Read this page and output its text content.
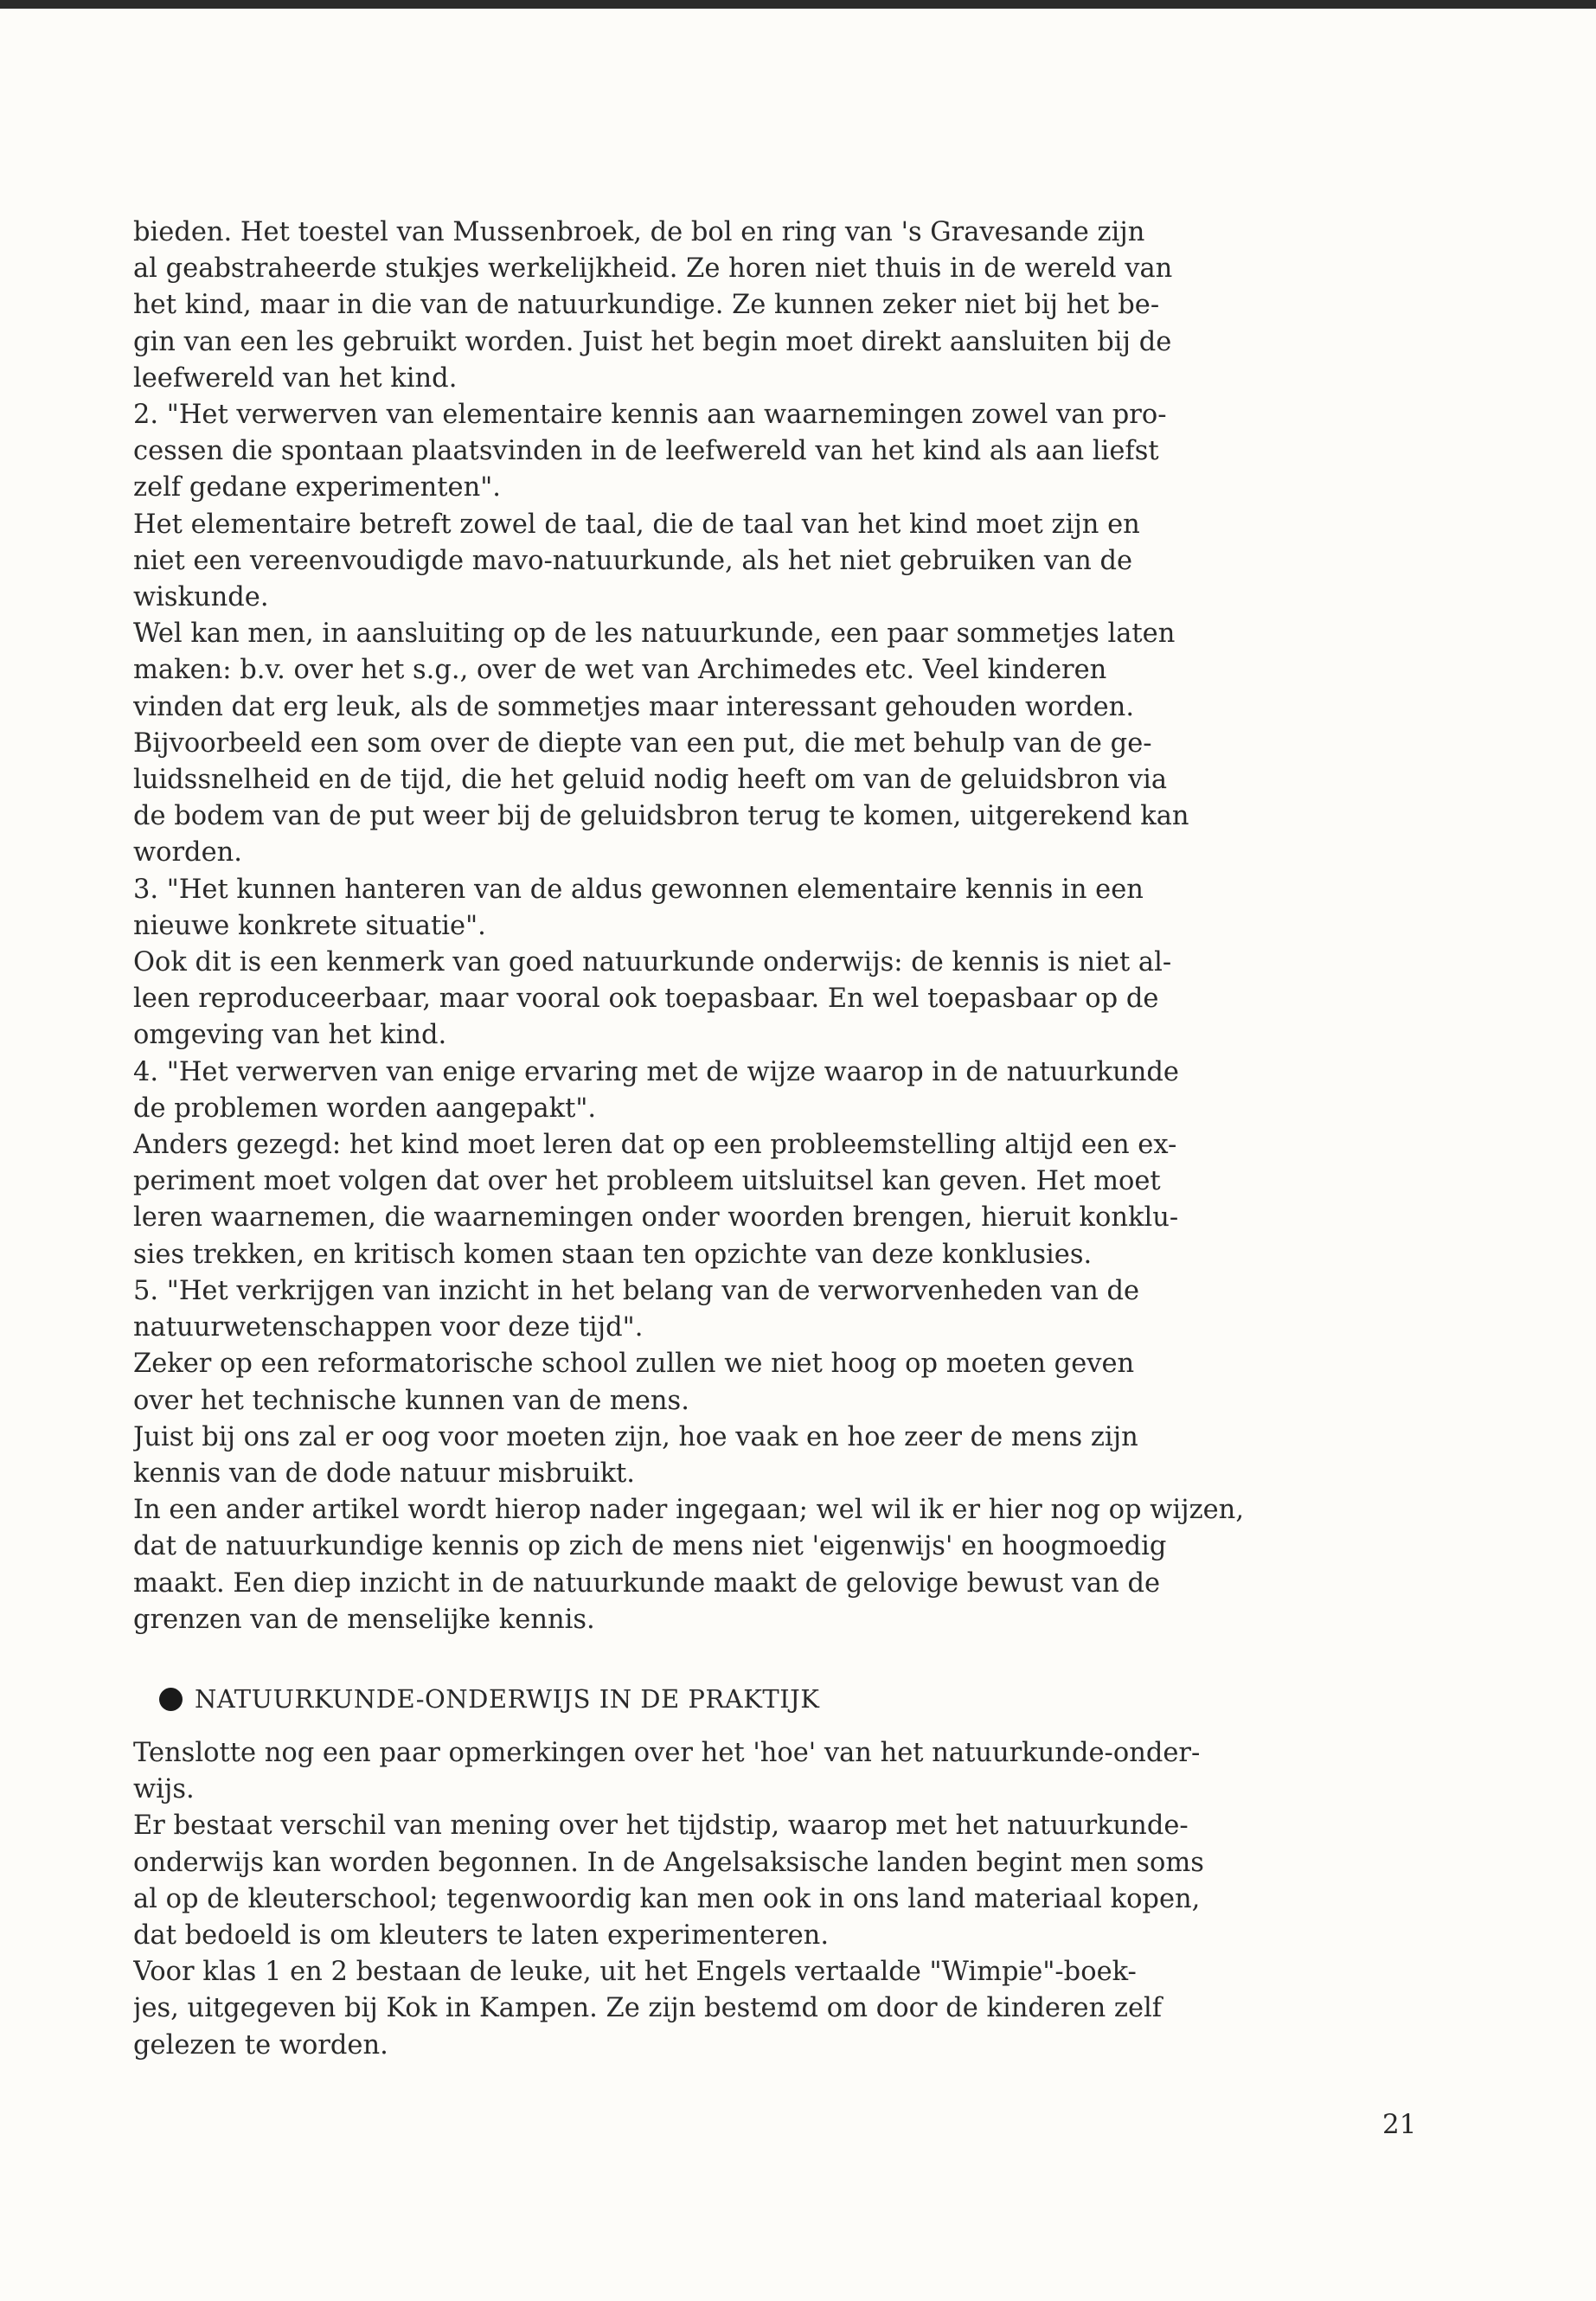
bieden. Het toestel van Mussenbroek, de bol en ring van 's Gravesande zijn
al geabstraheerde stukjes werkelijkheid. Ze horen niet thuis in de wereld van
het kind, maar in die van de natuurkundige. Ze kunnen zeker niet bij het be-
gin van een les gebruikt worden. Juist het begin moet direkt aansluiten bij de
leefwereld van het kind.
2. "Het verwerven van elementaire kennis aan waarnemingen zowel van pro-
cessen die spontaan plaatsvinden in de leefwereld van het kind als aan liefst
zelf gedane experimenten".
Het elementaire betreft zowel de taal, die de taal van het kind moet zijn en
niet een vereenvoudigde mavo-natuurkunde, als het niet gebruiken van de
wiskunde.
Wel kan men, in aansluiting op de les natuurkunde, een paar sommetjes laten
maken: b.v. over het s.g., over de wet van Archimedes etc. Veel kinderen
vinden dat erg leuk, als de sommetjes maar interessant gehouden worden.
Bijvoorbeeld een som over de diepte van een put, die met behulp van de ge-
luidssnelheid en de tijd, die het geluid nodig heeft om van de geluidsbron via
de bodem van de put weer bij de geluidsbron terug te komen, uitgerekend kan
worden.
3. "Het kunnen hanteren van de aldus gewonnen elementaire kennis in een
nieuwe konkrete situatie".
Ook dit is een kenmerk van goed natuurkunde onderwijs: de kennis is niet al-
leen reproduceerbaar, maar vooral ook toepasbaar. En wel toepasbaar op de
omgeving van het kind.
4. "Het verwerven van enige ervaring met de wijze waarop in de natuurkunde
de problemen worden aangepakt".
Anders gezegd: het kind moet leren dat op een probleemstelling altijd een ex-
periment moet volgen dat over het probleem uitsluitsel kan geven. Het moet
leren waarnemen, die waarnemingen onder woorden brengen, hieruit konklu-
sies trekken, en kritisch komen staan ten opzichte van deze konklusies.
5. "Het verkrijgen van inzicht in het belang van de verworvenheden van de
natuurwetenschappen voor deze tijd".
Zeker op een reformatorische school zullen we niet hoog op moeten geven
over het technische kunnen van de mens.
Juist bij ons zal er oog voor moeten zijn, hoe vaak en hoe zeer de mens zijn
kennis van de dode natuur misbruikt.
In een ander artikel wordt hierop nader ingegaan; wel wil ik er hier nog op wijzen,
dat de natuurkundige kennis op zich de mens niet 'eigenwijs' en hoogmoedig
maakt. Een diep inzicht in de natuurkunde maakt de gelovige bewust van de
grenzen van de menselijke kennis.
NATUURKUNDE-ONDERWIJS IN DE PRAKTIJK
Tenslotte nog een paar opmerkingen over het 'hoe' van het natuurkunde-onder-
wijs.
Er bestaat verschil van mening over het tijdstip, waarop met het natuurkunde-
onderwijs kan worden begonnen. In de Angelsaksische landen begint men soms
al op de kleuterschool; tegenwoordig kan men ook in ons land materiaal kopen,
dat bedoeld is om kleuters te laten experimenteren.
Voor klas 1 en 2 bestaan de leuke, uit het Engels vertaalde "Wimpie"-boek-
jes, uitgegeven bij Kok in Kampen. Ze zijn bestemd om door de kinderen zelf
gelezen te worden.
21
